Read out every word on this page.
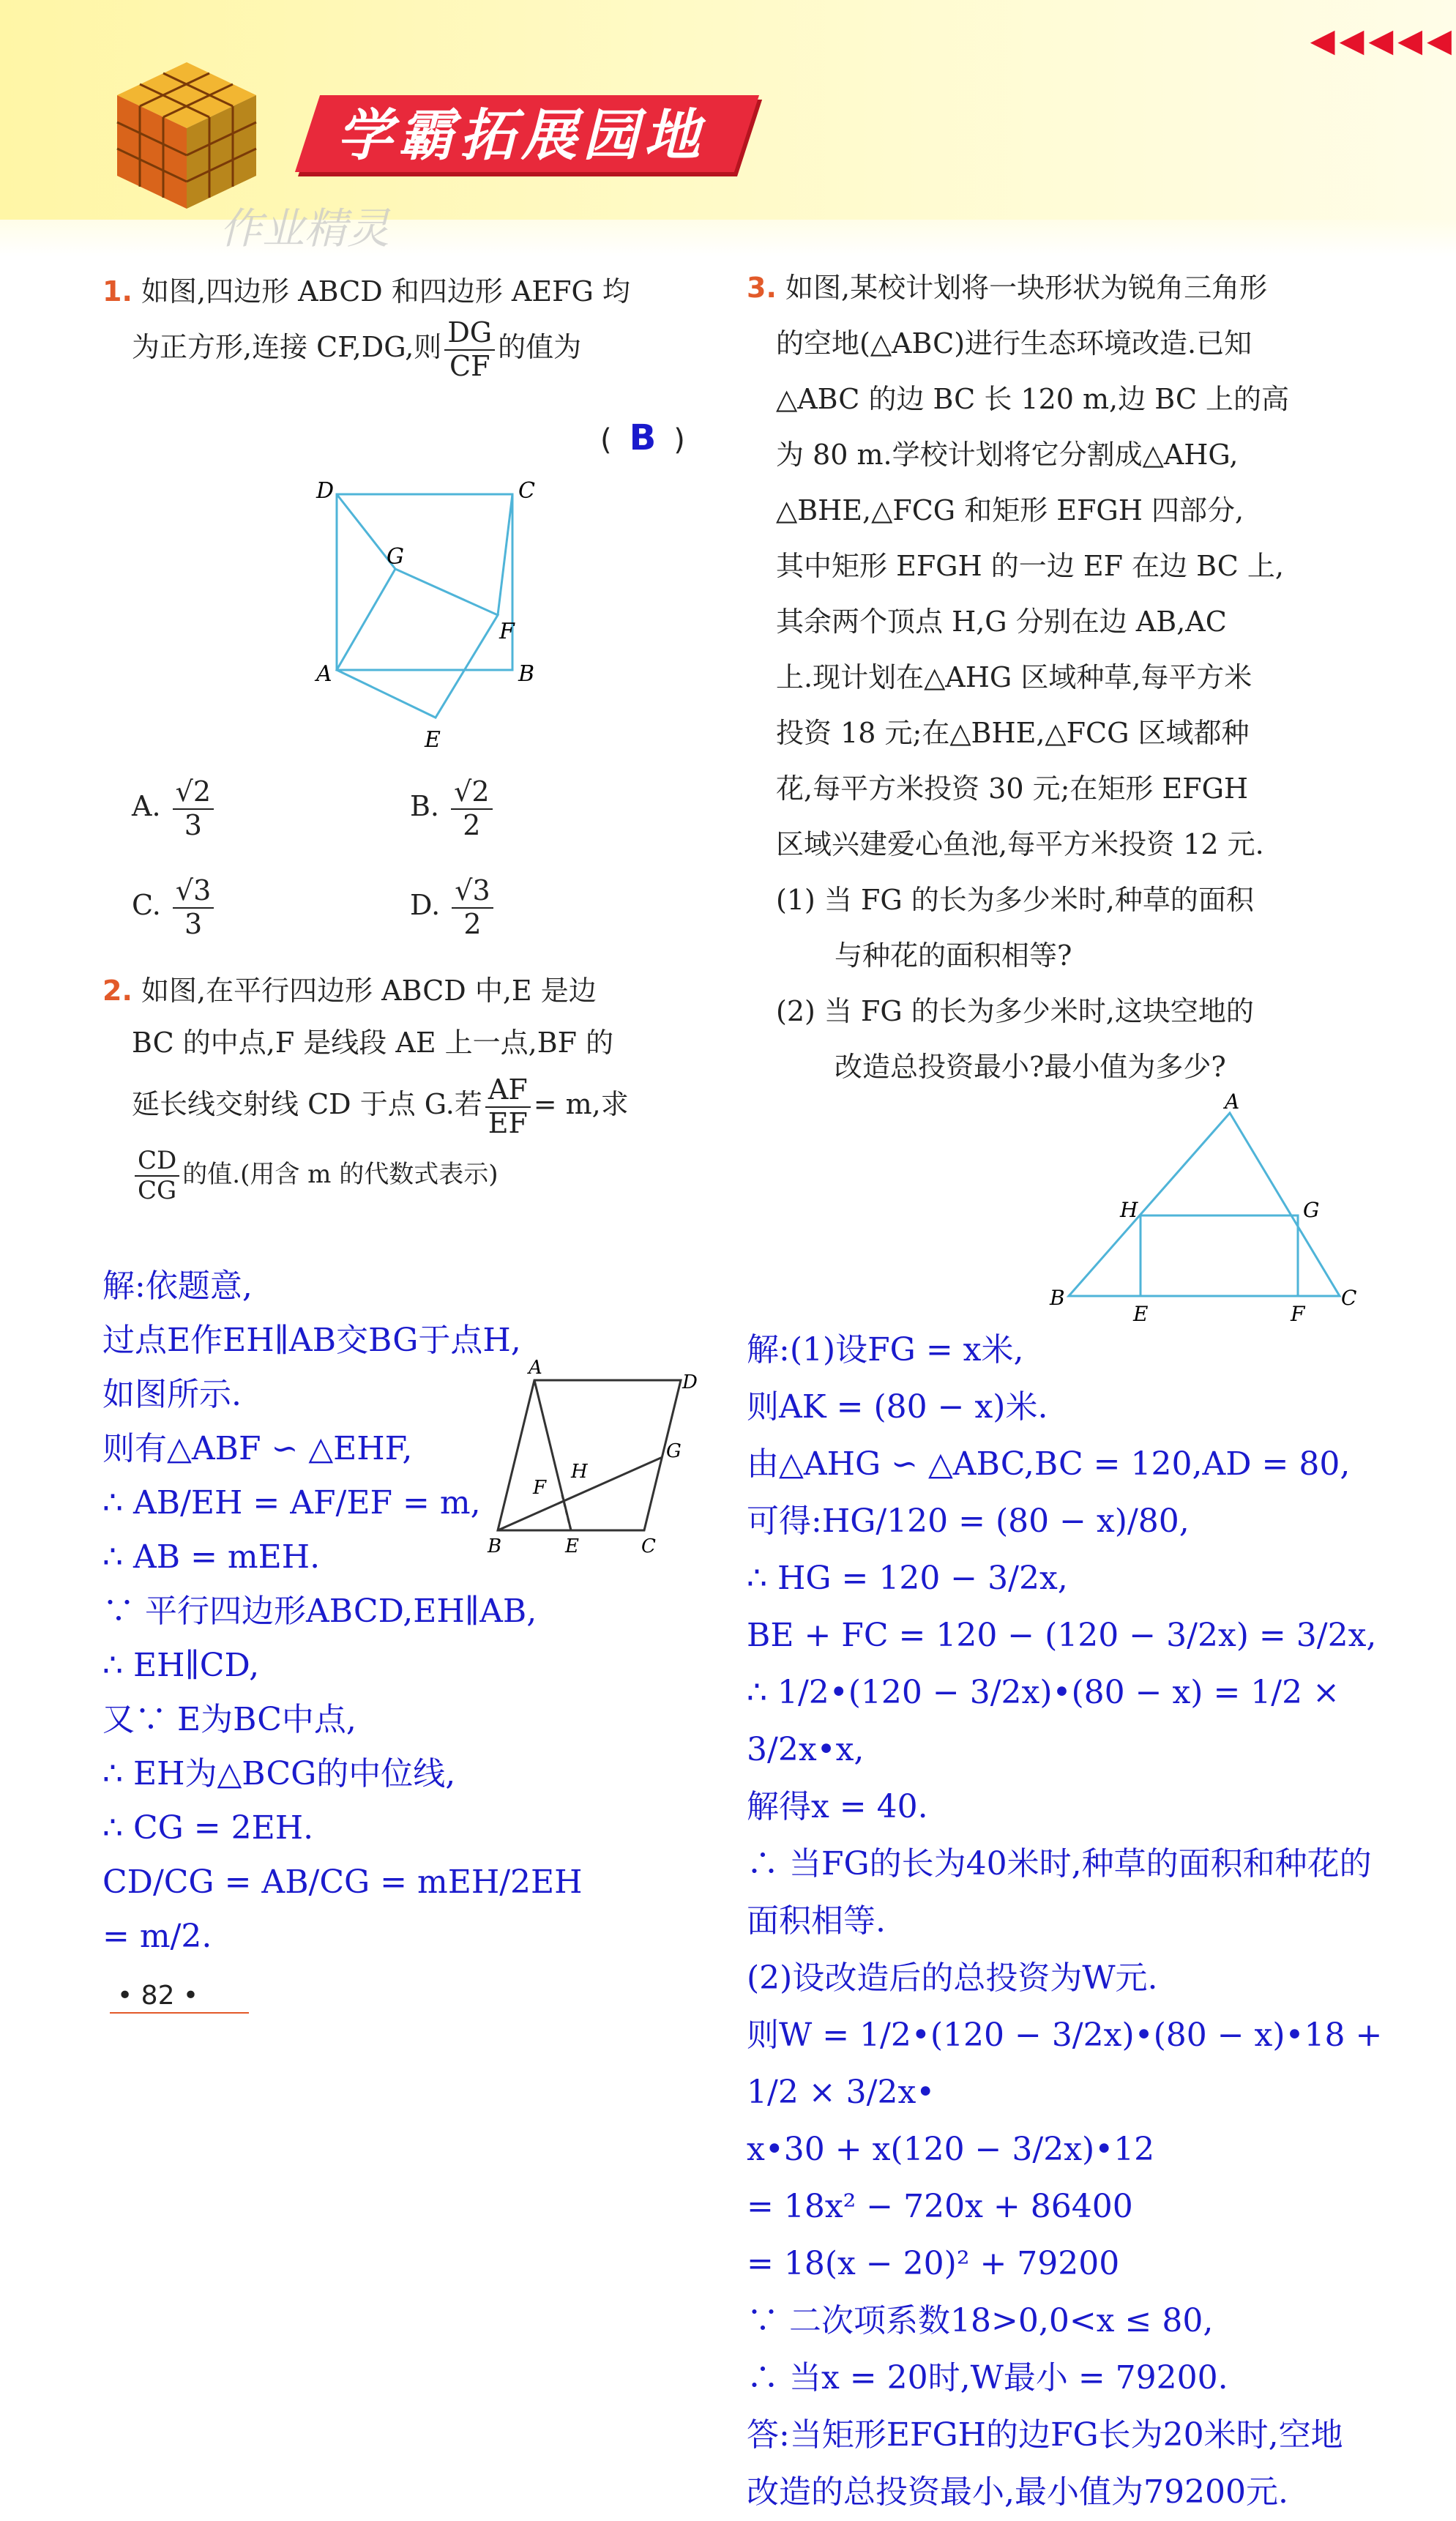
◀◀◀◀◀
学霸拓展园地
作业精灵
1. 如图,四边形 ABCD 和四边形 AEFG 均
为正方形,连接 CF,DG,则 $\frac{DG}{CF}$ 的值为
( B )
D	C
G
F
A	B
E
A. $\frac{√2}{3}$	B. $\frac{√2}{2}$
C. $\frac{√3}{3}$	D. $\frac{√3}{2}$
2. 如图,在平行四边形 ABCD 中,E 是边
BC 的中点,F 是线段 AE 上一点,BF 的
延长线交射线 CD 于点 G.若 $\frac{AF}{EF} = m$,求
$\frac{CD}{CG}$ 的值.(用含 m 的代数式表示)
A
D
H
G
F
B	E	C
解:依题意,
过点E作EH∥AB交BG于点H,
如图所示.
则有△ABF ∽ △EHF,
∴ AB/EH = AF/EF = m,
∴ AB = mEH.
∵ 平行四边形ABCD,EH∥AB,
∴ EH∥CD,
又∵ E为BC中点,
∴ EH为△BCG的中位线,
∴ CG = 2EH.
CD/CG = AB/CG = mEH/2EH = m/2.
• 82 •
3. 如图,某校计划将一块形状为锐角三角形
的空地(△ABC)进行生态环境改造.已知
△ABC 的边 BC 长 120 m,边 BC 上的高
为 80 m.学校计划将它分割成△AHG,
△BHE,△FCG 和矩形 EFGH 四部分,
其中矩形 EFGH 的一边 EF 在边 BC 上,
其余两个顶点 H,G 分别在边 AB,AC
上.现计划在△AHG 区域种草,每平方米
投资 18 元;在△BHE,△FCG 区域都种
花,每平方米投资 30 元;在矩形 EFGH
区域兴建爱心鱼池,每平方米投资 12 元.
(1) 当 FG 的长为多少米时,种草的面积
与种花的面积相等?
(2) 当 FG 的长为多少米时,这块空地的
改造总投资最小?最小值为多少?
A
H	G
B
E	F
C
解:(1)设FG = x米,
则AK = (80 − x)米.
由△AHG ∽ △ABC,BC = 120,AD = 80,
可得:HG/120 = (80 − x)/80,
∴ HG = 120 − 3/2x,
BE + FC = 120 − (120 − 3/2x) = 3/2x,
∴ 1/2•(120 − 3/2x)•(80 − x) = 1/2 × 3/2x•x,
解得x = 40.
∴ 当FG的长为40米时,种草的面积和种花的
面积相等.
(2)设改造后的总投资为W元.
则W = 1/2•(120 − 3/2x)•(80 − x)•18 + 1/2 × 3/2x•
x•30 + x(120 − 3/2x)•12
= 18x² − 720x + 86400
= 18(x − 20)² + 79200
∵ 二次项系数18>0,0<x ≤ 80,
∴ 当x = 20时,W最小 = 79200.
答:当矩形EFGH的边FG长为20米时,空地
改造的总投资最小,最小值为79200元.
